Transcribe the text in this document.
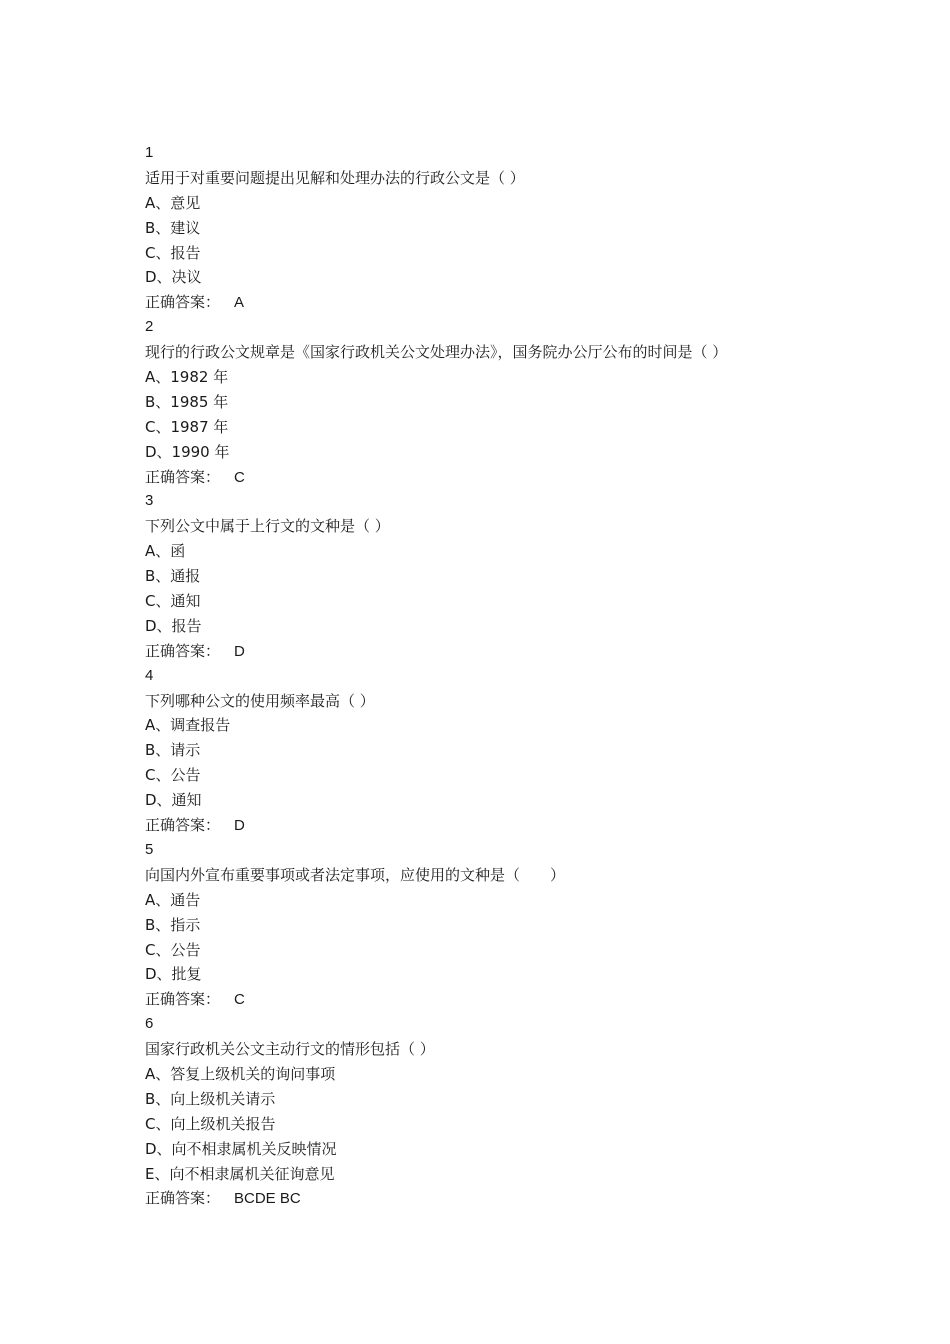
1
适用于对重要问题提出见解和处理办法的行政公文是（ ）
A、意见
B、建议
C、报告
D、决议
正确答案： A
2
现行的行政公文规章是《国家行政机关公文处理办法》，国务院办公厅公布的时间是（ ）
A、1982 年
B、1985 年
C、1987 年
D、1990 年
正确答案： C
3
下列公文中属于上行文的文种是（ ）
A、函
B、通报
C、通知
D、报告
正确答案： D
4
下列哪种公文的使用频率最高（ ）
A、调查报告
B、请示
C、公告
D、通知
正确答案： D
5
向国内外宣布重要事项或者法定事项，应使用的文种是（　　）
A、通告
B、指示
C、公告
D、批复
正确答案： C
6
国家行政机关公文主动行文的情形包括（ ）
A、答复上级机关的询问事项
B、向上级机关请示
C、向上级机关报告
D、向不相隶属机关反映情况
E、向不相隶属机关征询意见
正确答案： BCDE BC
